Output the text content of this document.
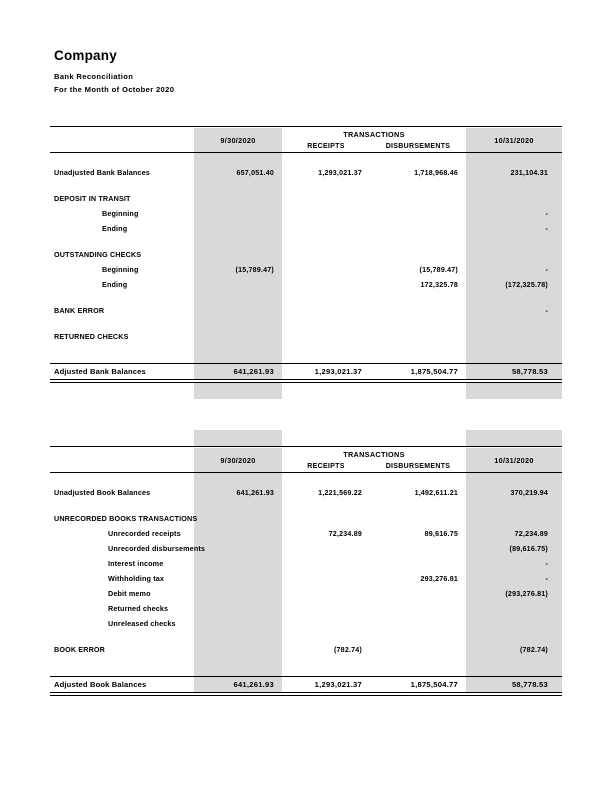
Company

Bank Reconciliation

For the Month of October 2020

	9/30/2020	TRANSACTIONS		10/31/2020
		RECEIPTS	DISBURSEMENTS	

Unadjusted Bank Balances	657,051.40	1,293,021.37	1,718,968.46	231,104.31

DEPOSIT IN TRANSIT				
Beginning				-
Ending				-

OUTSTANDING CHECKS				
Beginning	(15,789.47)		(15,789.47)	-
Ending			172,325.78	(172,325.78)

BANK ERROR				-

RETURNED CHECKS				

Adjusted Bank Balances	641,261.93	1,293,021.37	1,875,504.77	58,778.53

	9/30/2020	TRANSACTIONS		10/31/2020
		RECEIPTS	DISBURSEMENTS	

Unadjusted Book Balances	641,261.93	1,221,569.22	1,492,611.21	370,219.94

UNRECORDED BOOKS TRANSACTIONS				
Unrecorded receipts		72,234.89	89,616.75	72,234.89
Unrecorded disbursements				(89,616.75)
Interest income				-
Withholding tax			293,276.81	-
Debit memo				(293,276.81)
Returned checks				
Unreleased checks				

BOOK ERROR		(782.74)		(782.74)

Adjusted Book Balances	641,261.93	1,293,021.37	1,875,504.77	58,778.53
